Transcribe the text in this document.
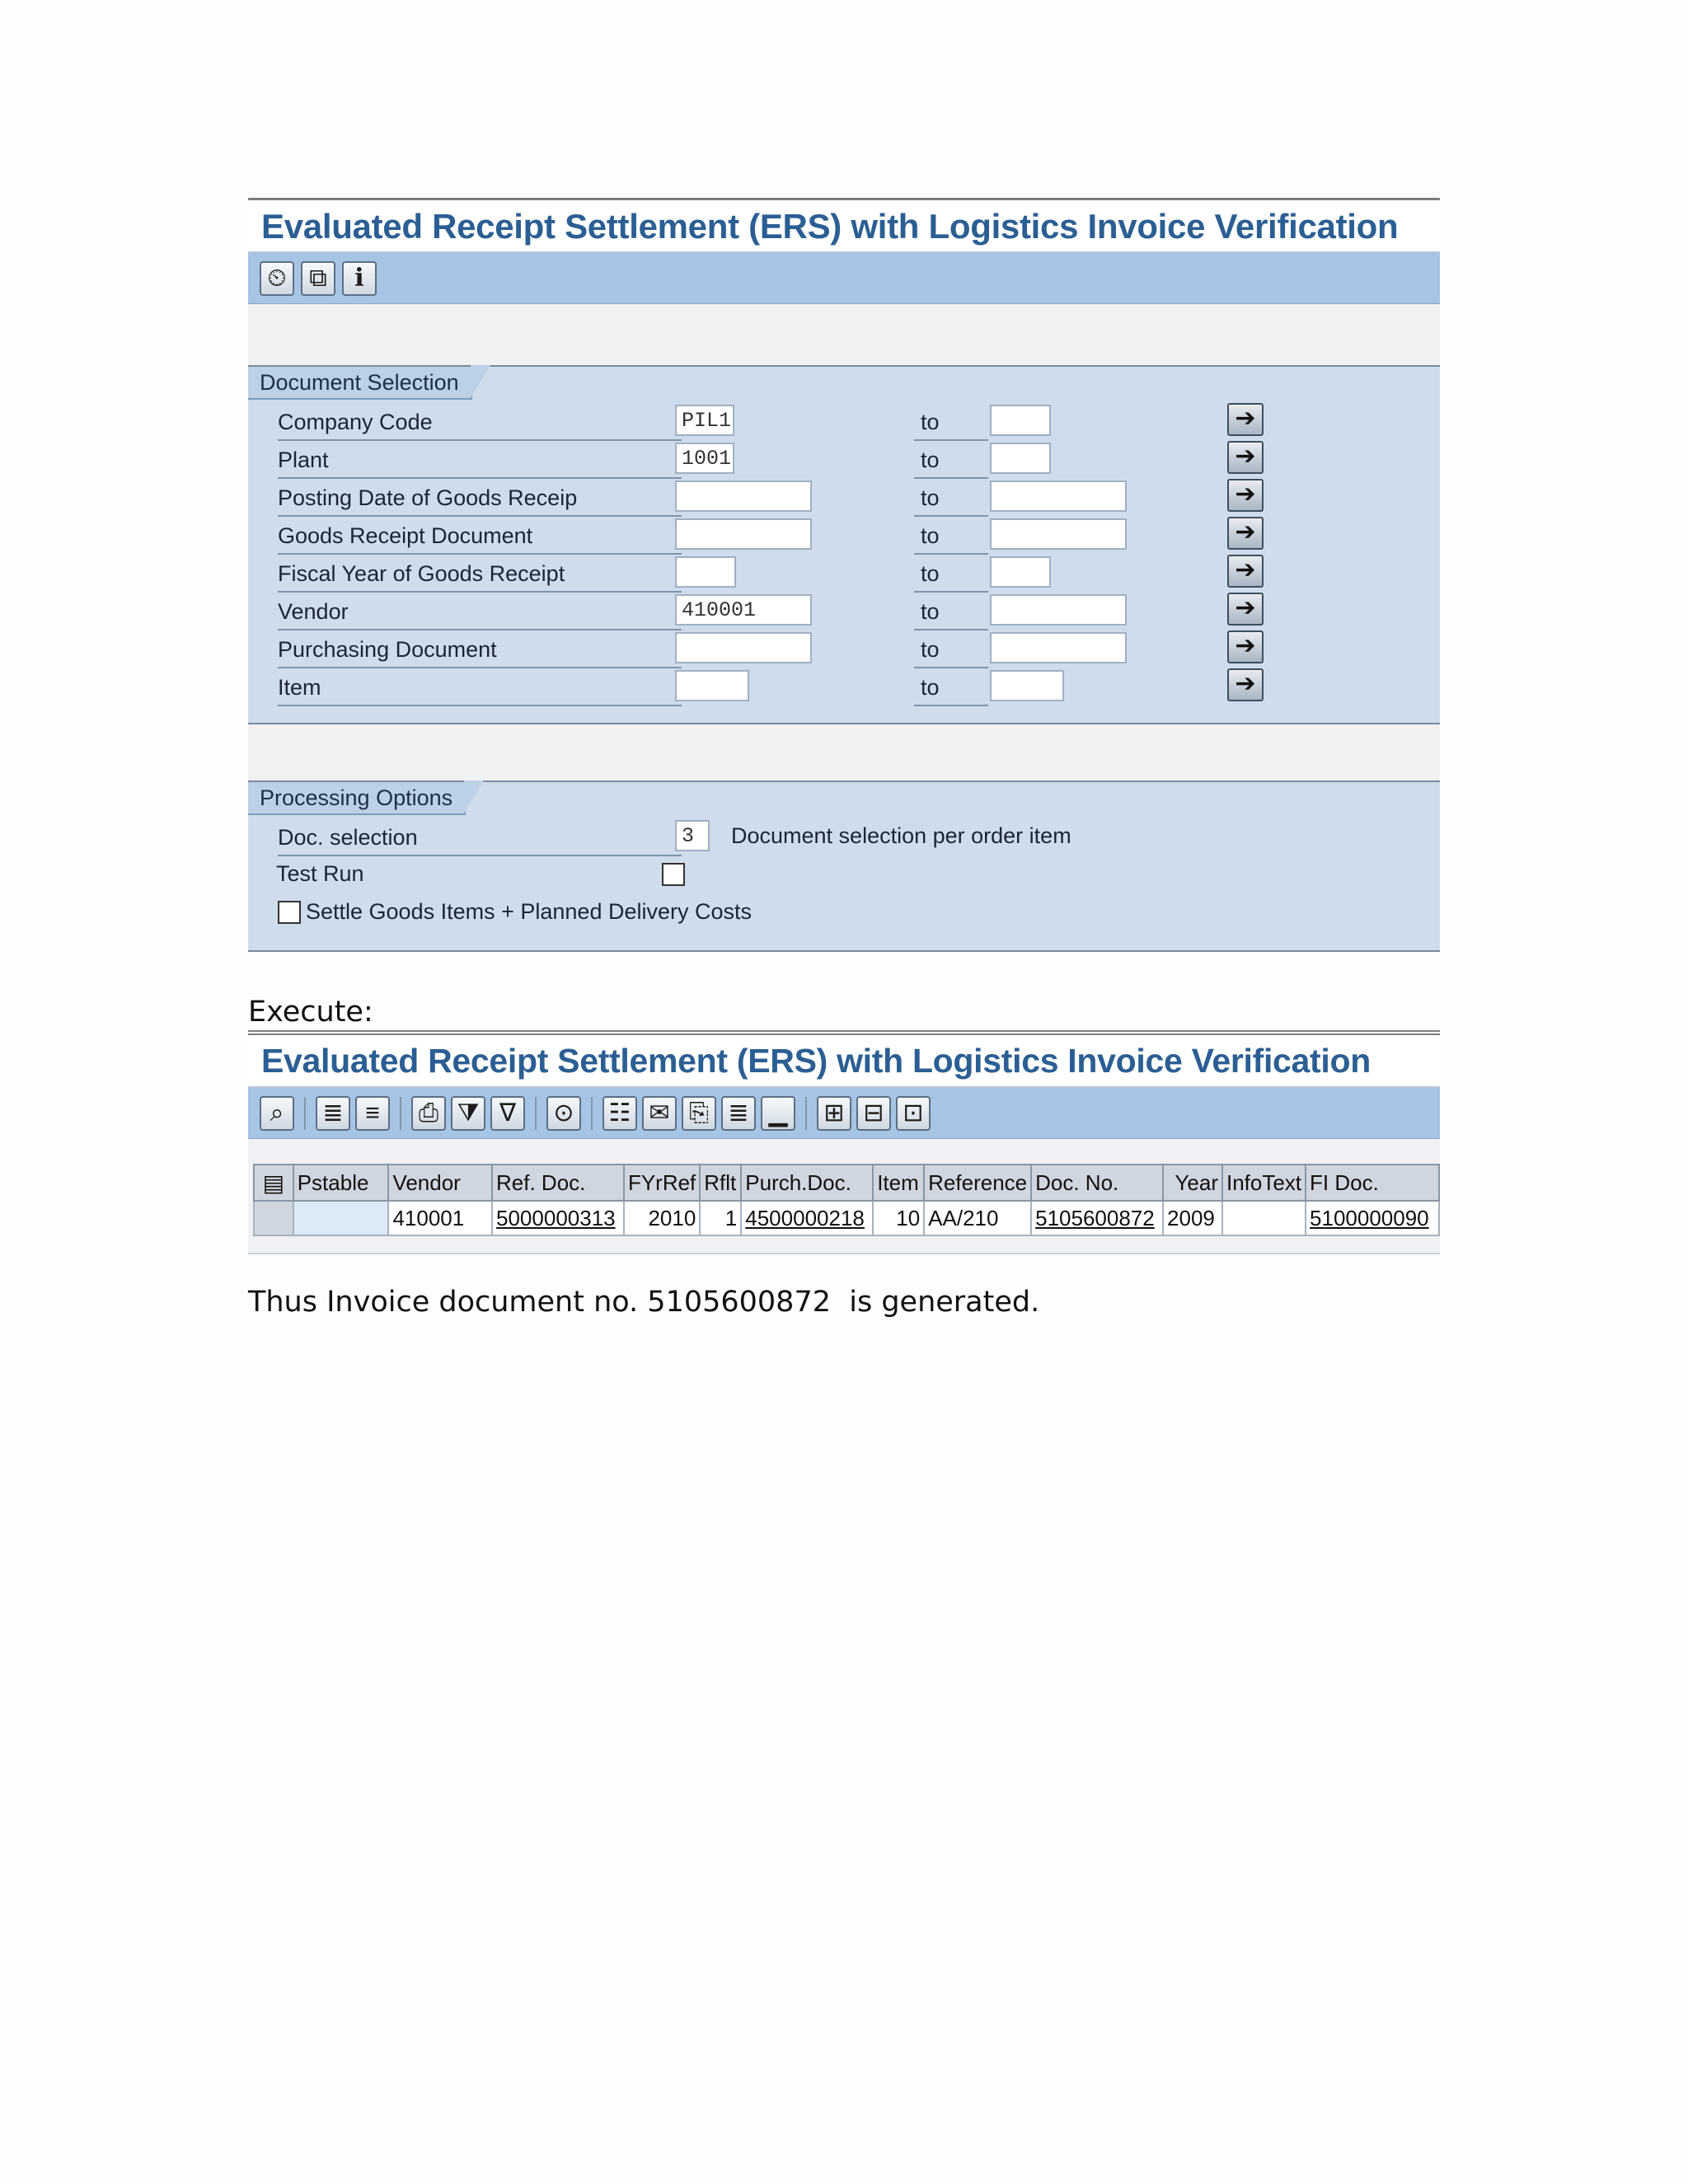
Evaluated Receipt Settlement (ERS) with Logistics Invoice Verification
⏲ ⧉	i
Document Selection
Company Code	PIL1	to	➔
Plant	1001	to	➔
Posting Date of Goods Receip	to	➔
Goods Receipt Document	to	➔
Fiscal Year of Goods Receipt	to	➔
Vendor	410001	to	➔
Purchasing Document	to	➔
Item	to	➔
Processing Options
Doc. selection	3	Document selection per order item
Test Run
Settle Goods Items + Planned Delivery Costs
Execute:
Evaluated Receipt Settlement (ERS) with Logistics Invoice Verification
⌕	≣ ≡	⎙ ⧩ ∇	⊙ ☷ ✉ ⎘ ≣ ▁	⊞ ⊟ ⊡
▤	Pstable	Vendor	Ref. Doc.	FYrRef	Rflt	Purch.Doc.	Item	Reference	Doc. No.	Year	InfoText	FI Doc.
		410001	5000000313	2010	1	4500000218	10	AA/210	5105600872	2009		5100000090
Thus Invoice document no. 5105600872  is generated.
